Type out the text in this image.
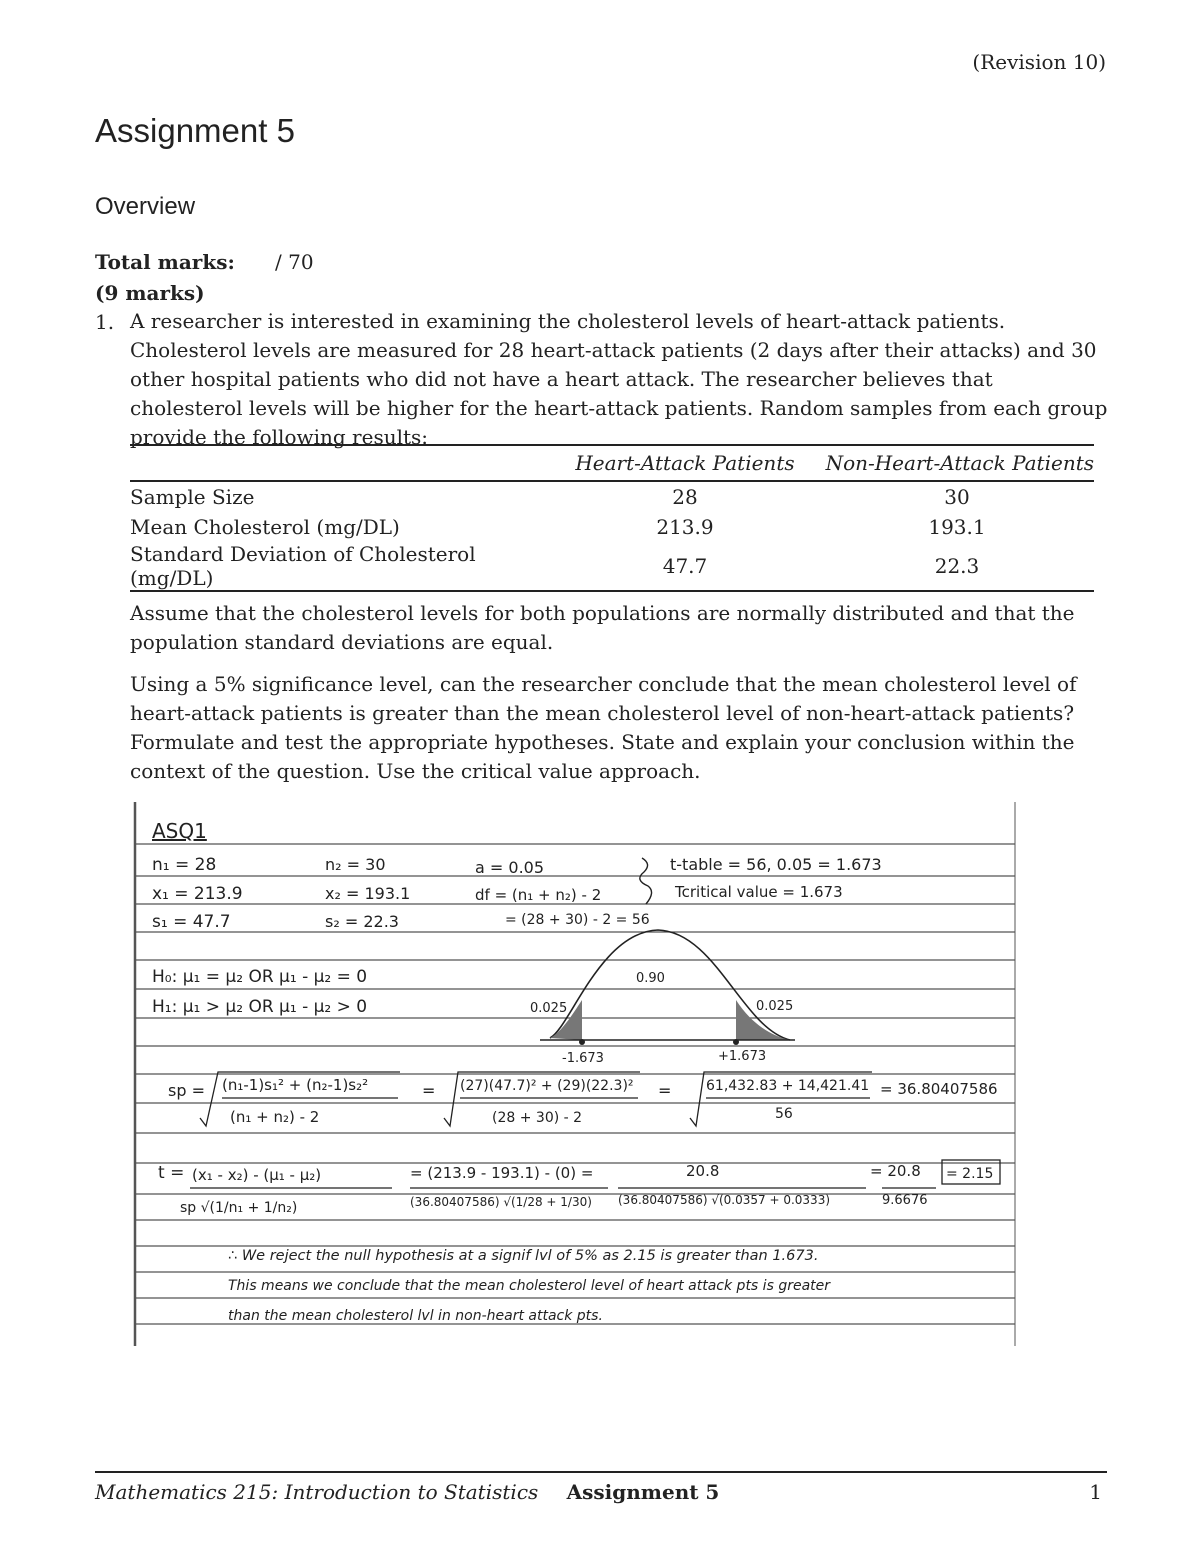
(Revision 10)
Assignment 5
Overview
Total marks: / 70
(9 marks)
1. A researcher is interested in examining the cholesterol levels of heart-attack patients. Cholesterol levels are measured for 28 heart-attack patients (2 days after their attacks) and 30 other hospital patients who did not have a heart attack. The researcher believes that cholesterol levels will be higher for the heart-attack patients. Random samples from each group provide the following results:

	Heart-Attack Patients	Non-Heart-Attack Patients
Sample Size	28	30
Mean Cholesterol (mg/DL)	213.9	193.1
Standard Deviation of Cholesterol (mg/DL)	47.7	22.3

Assume that the cholesterol levels for both populations are normally distributed and that the population standard deviations are equal.

Using a 5% significance level, can the researcher conclude that the mean cholesterol level of heart-attack patients is greater than the mean cholesterol level of non-heart-attack patients? Formulate and test the appropriate hypotheses. State and explain your conclusion within the context of the question. Use the critical value approach.

ASQ1
n₁ = 28
x₁ = 213.9
s₁ = 47.7
n₂ = 30
x₂ = 193.1
s₂ = 22.3
a = 0.05
df = (n₁ + n₂) - 2
= (28 + 30) - 2 = 56
t-table = 56, 0.05 = 1.673
Tcritical value = 1.673
H₀: μ₁ = μ₂ OR μ₁ - μ₂ = 0
H₁: μ₁ > μ₂ OR μ₁ - μ₂ > 0	0.025
0.90
0.025
-1.673	+1.673
sp = (n₁-1)s₁² + (n₂-1)s₂²
(n₁ + n₂) - 2
= (27)(47.7)² + (29)(22.3)²
(28 + 30) - 2
= 61,432.83 + 14,421.41
56
= 36.80407586
t = (x₁ - x₂) - (μ₁ - μ₂)
sp √(1/n₁ + 1/n₂)
= (213.9 - 193.1) - (0) =
(36.80407586) √(1/28 + 1/30)
20.8
(36.80407586) √(0.0357 + 0.0333)
= 20.8
9.6676
= 2.15
∴ We reject the null hypothesis at a signif lvl of 5% as 2.15 is greater than 1.673.
This means we conclude that the mean cholesterol level of heart attack pts is greater
than the mean cholesterol lvl in non-heart attack pts.
Mathematics 215: Introduction to Statistics Assignment 5	1
